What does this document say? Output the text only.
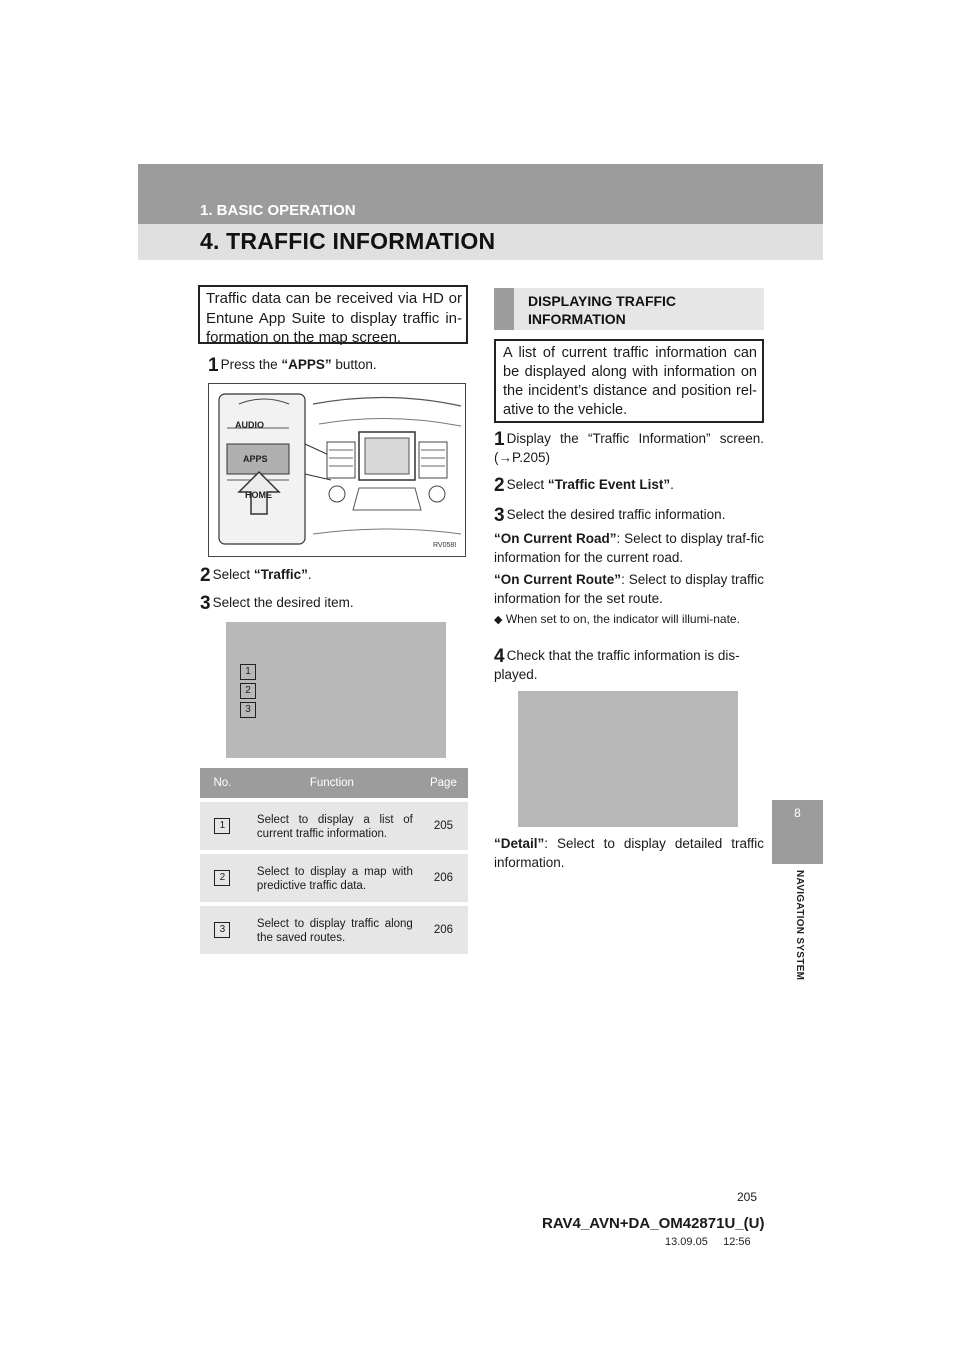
1. BASIC OPERATION
4. TRAFFIC INFORMATION
8
NAVIGATION SYSTEM
Traffic data can be received via HD or Entune App Suite to display traffic in-formation on the map screen.
1 Press the “APPS” button.
AUDIO
APPS
HOME
RV058I
2 Select “Traffic”.
3 Select the desired item.
1
2
3
No.	Function	Page
1	Select to display a list of current traffic information.	205
2	Select to display a map with predictive traffic data.	206
3	Select to display traffic along the saved routes.	206
DISPLAYING TRAFFIC INFORMATION
A list of current traffic information can be displayed along with information on the incident’s distance and position rel-ative to the vehicle.
1 Display the “Traffic Information” screen. (→P.205)
2 Select “Traffic Event List”.
3 Select the desired traffic information.
“On Current Road”: Select to display traf-fic information for the current road.
“On Current Route”: Select to display traffic information for the set route.
◆ When set to on, the indicator will illumi-nate.
4 Check that the traffic information is dis-played.
“Detail”: Select to display detailed traffic information.
205
RAV4_AVN+DA_OM42871U_(U)
13.09.05     12:56
